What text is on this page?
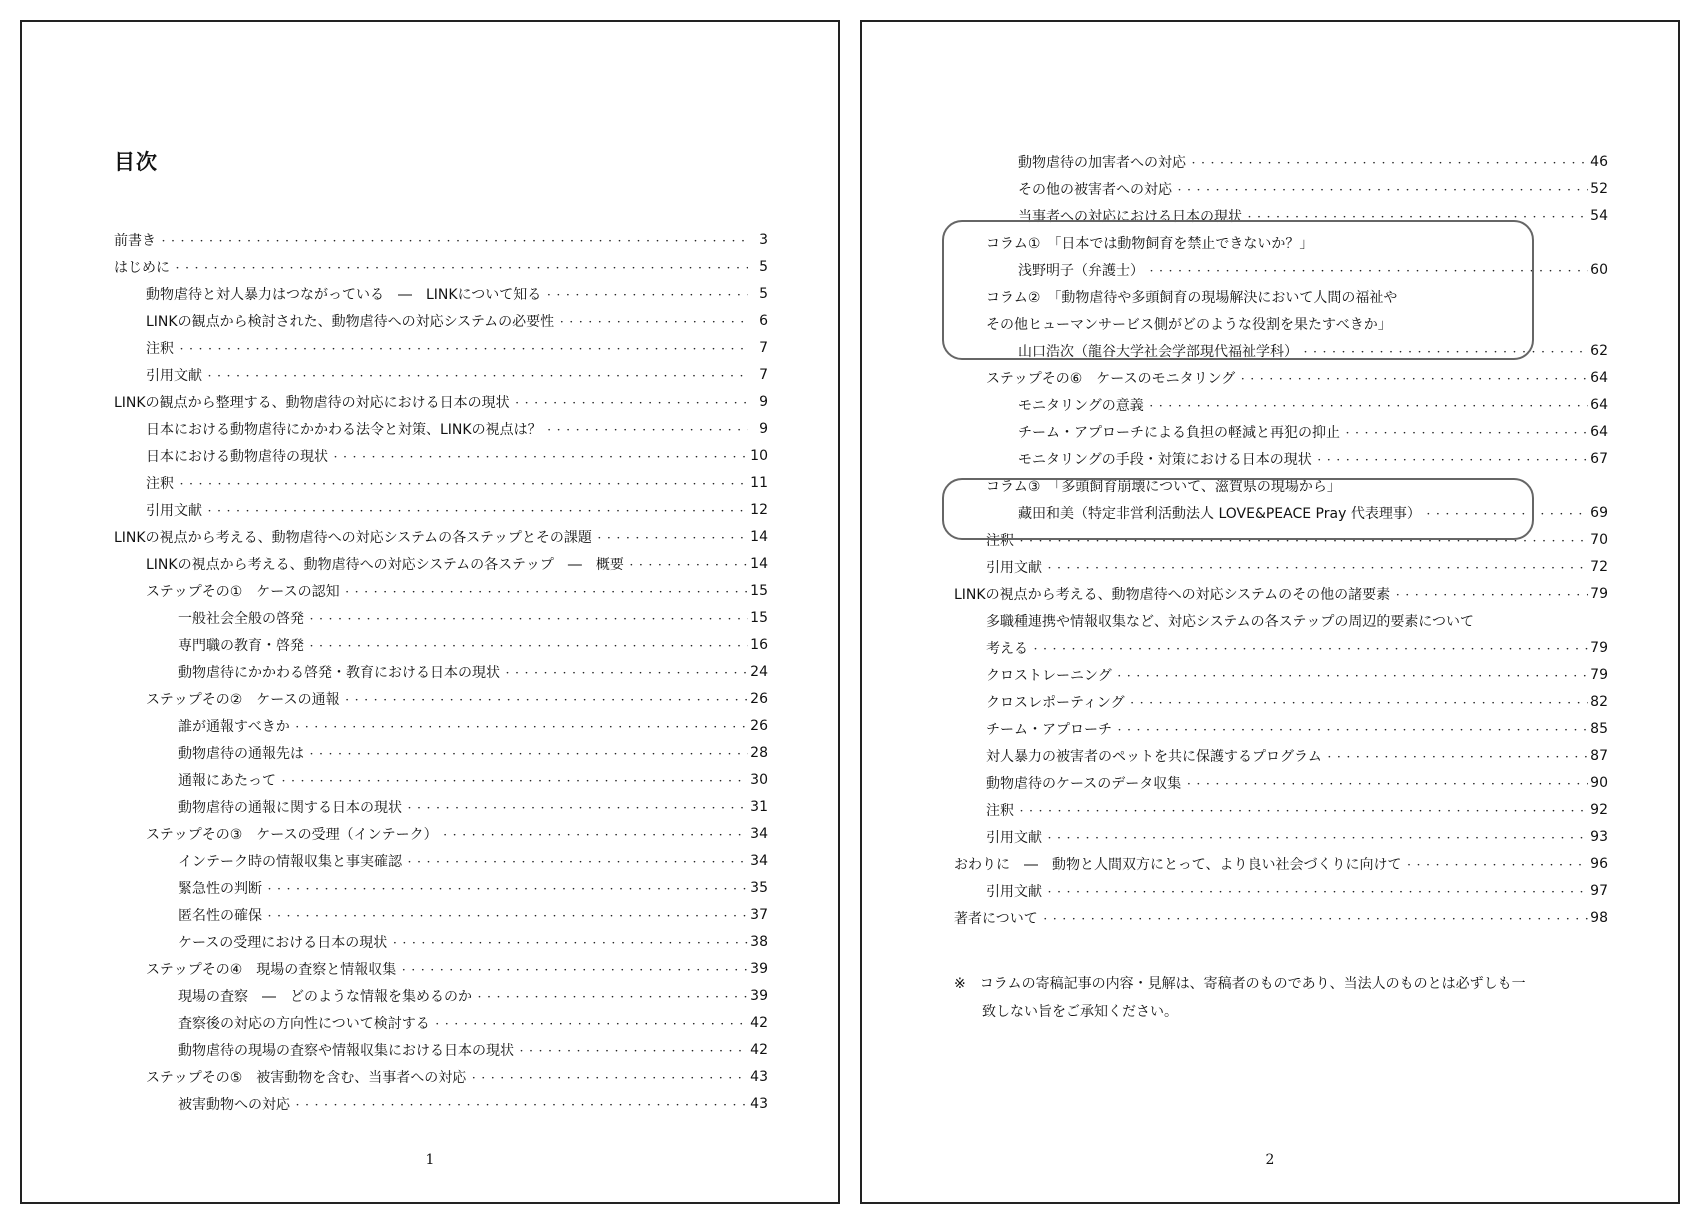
目次
前書き ・・・・・・・・・・・・・・・・・・・・・・・・・・・・・・・・・・・・・・・・・・・・・・・・・・・・・・・・・・・・・・・・・・・・・・・・・・・・・・・・・・・・・・・・・・	3
はじめに ・・・・・・・・・・・・・・・・・・・・・・・・・・・・・・・・・・・・・・・・・・・・・・・・・・・・・・・・・・・・・・・・・・・・・・・・・・・・・・・・・・・・・・・・・・	5
動物虐待と対人暴力はつながっている　―　LINKについて知る ・・・・・・・・・・・・・・・・・・・・・・・・・・・・・・・・・・・・・・・・・・・・・・・・・・・・・・・・・・・・・・・・・・・・・・・・・・・・・・・・・・・・・・・・・・	5
LINKの観点から検討された、動物虐待への対応システムの必要性 ・・・・・・・・・・・・・・・・・・・・・・・・・・・・・・・・・・・・・・・・・・・・・・・・・・・・・・・・・・・・・・・・・・・・・・・・・・・・・・・・・・・・・・・・・・	6
注釈 ・・・・・・・・・・・・・・・・・・・・・・・・・・・・・・・・・・・・・・・・・・・・・・・・・・・・・・・・・・・・・・・・・・・・・・・・・・・・・・・・・・・・・・・・・・	7
引用文献 ・・・・・・・・・・・・・・・・・・・・・・・・・・・・・・・・・・・・・・・・・・・・・・・・・・・・・・・・・・・・・・・・・・・・・・・・・・・・・・・・・・・・・・・・・・	7
LINKの観点から整理する、動物虐待の対応における日本の現状 ・・・・・・・・・・・・・・・・・・・・・・・・・・・・・・・・・・・・・・・・・・・・・・・・・・・・・・・・・・・・・・・・・・・・・・・・・・・・・・・・・・・・・・・・・・	9
日本における動物虐待にかかわる法令と対策、LINKの視点は？ ・・・・・・・・・・・・・・・・・・・・・・・・・・・・・・・・・・・・・・・・・・・・・・・・・・・・・・・・・・・・・・・・・・・・・・・・・・・・・・・・・・・・・・・・・・	9
日本における動物虐待の現状 ・・・・・・・・・・・・・・・・・・・・・・・・・・・・・・・・・・・・・・・・・・・・・・・・・・・・・・・・・・・・・・・・・・・・・・・・・・・・・・・・・・・・・・・・・・	10
注釈 ・・・・・・・・・・・・・・・・・・・・・・・・・・・・・・・・・・・・・・・・・・・・・・・・・・・・・・・・・・・・・・・・・・・・・・・・・・・・・・・・・・・・・・・・・・	11
引用文献 ・・・・・・・・・・・・・・・・・・・・・・・・・・・・・・・・・・・・・・・・・・・・・・・・・・・・・・・・・・・・・・・・・・・・・・・・・・・・・・・・・・・・・・・・・・	12
LINKの視点から考える、動物虐待への対応システムの各ステップとその課題 ・・・・・・・・・・・・・・・・・・・・・・・・・・・・・・・・・・・・・・・・・・・・・・・・・・・・・・・・・・・・・・・・・・・・・・・・・・・・・・・・・・・・・・・・・・	14
LINKの視点から考える、動物虐待への対応システムの各ステップ　―　概要 ・・・・・・・・・・・・・・・・・・・・・・・・・・・・・・・・・・・・・・・・・・・・・・・・・・・・・・・・・・・・・・・・・・・・・・・・・・・・・・・・・・・・・・・・・・	14
ステップその①　ケースの認知 ・・・・・・・・・・・・・・・・・・・・・・・・・・・・・・・・・・・・・・・・・・・・・・・・・・・・・・・・・・・・・・・・・・・・・・・・・・・・・・・・・・・・・・・・・・	15
一般社会全般の啓発 ・・・・・・・・・・・・・・・・・・・・・・・・・・・・・・・・・・・・・・・・・・・・・・・・・・・・・・・・・・・・・・・・・・・・・・・・・・・・・・・・・・・・・・・・・・	15
専門職の教育・啓発 ・・・・・・・・・・・・・・・・・・・・・・・・・・・・・・・・・・・・・・・・・・・・・・・・・・・・・・・・・・・・・・・・・・・・・・・・・・・・・・・・・・・・・・・・・・	16
動物虐待にかかわる啓発・教育における日本の現状 ・・・・・・・・・・・・・・・・・・・・・・・・・・・・・・・・・・・・・・・・・・・・・・・・・・・・・・・・・・・・・・・・・・・・・・・・・・・・・・・・・・・・・・・・・・	24
ステップその②　ケースの通報 ・・・・・・・・・・・・・・・・・・・・・・・・・・・・・・・・・・・・・・・・・・・・・・・・・・・・・・・・・・・・・・・・・・・・・・・・・・・・・・・・・・・・・・・・・・	26
誰が通報すべきか ・・・・・・・・・・・・・・・・・・・・・・・・・・・・・・・・・・・・・・・・・・・・・・・・・・・・・・・・・・・・・・・・・・・・・・・・・・・・・・・・・・・・・・・・・・	26
動物虐待の通報先は ・・・・・・・・・・・・・・・・・・・・・・・・・・・・・・・・・・・・・・・・・・・・・・・・・・・・・・・・・・・・・・・・・・・・・・・・・・・・・・・・・・・・・・・・・・	28
通報にあたって ・・・・・・・・・・・・・・・・・・・・・・・・・・・・・・・・・・・・・・・・・・・・・・・・・・・・・・・・・・・・・・・・・・・・・・・・・・・・・・・・・・・・・・・・・・	30
動物虐待の通報に関する日本の現状 ・・・・・・・・・・・・・・・・・・・・・・・・・・・・・・・・・・・・・・・・・・・・・・・・・・・・・・・・・・・・・・・・・・・・・・・・・・・・・・・・・・・・・・・・・・	31
ステップその③　ケースの受理（インテーク） ・・・・・・・・・・・・・・・・・・・・・・・・・・・・・・・・・・・・・・・・・・・・・・・・・・・・・・・・・・・・・・・・・・・・・・・・・・・・・・・・・・・・・・・・・・	34
インテーク時の情報収集と事実確認 ・・・・・・・・・・・・・・・・・・・・・・・・・・・・・・・・・・・・・・・・・・・・・・・・・・・・・・・・・・・・・・・・・・・・・・・・・・・・・・・・・・・・・・・・・・	34
緊急性の判断 ・・・・・・・・・・・・・・・・・・・・・・・・・・・・・・・・・・・・・・・・・・・・・・・・・・・・・・・・・・・・・・・・・・・・・・・・・・・・・・・・・・・・・・・・・・	35
匿名性の確保 ・・・・・・・・・・・・・・・・・・・・・・・・・・・・・・・・・・・・・・・・・・・・・・・・・・・・・・・・・・・・・・・・・・・・・・・・・・・・・・・・・・・・・・・・・・	37
ケースの受理における日本の現状 ・・・・・・・・・・・・・・・・・・・・・・・・・・・・・・・・・・・・・・・・・・・・・・・・・・・・・・・・・・・・・・・・・・・・・・・・・・・・・・・・・・・・・・・・・・	38
ステップその④　現場の査察と情報収集 ・・・・・・・・・・・・・・・・・・・・・・・・・・・・・・・・・・・・・・・・・・・・・・・・・・・・・・・・・・・・・・・・・・・・・・・・・・・・・・・・・・・・・・・・・・	39
現場の査察　―　どのような情報を集めるのか ・・・・・・・・・・・・・・・・・・・・・・・・・・・・・・・・・・・・・・・・・・・・・・・・・・・・・・・・・・・・・・・・・・・・・・・・・・・・・・・・・・・・・・・・・・	39
査察後の対応の方向性について検討する ・・・・・・・・・・・・・・・・・・・・・・・・・・・・・・・・・・・・・・・・・・・・・・・・・・・・・・・・・・・・・・・・・・・・・・・・・・・・・・・・・・・・・・・・・・	42
動物虐待の現場の査察や情報収集における日本の現状 ・・・・・・・・・・・・・・・・・・・・・・・・・・・・・・・・・・・・・・・・・・・・・・・・・・・・・・・・・・・・・・・・・・・・・・・・・・・・・・・・・・・・・・・・・・	42
ステップその⑤　被害動物を含む、当事者への対応 ・・・・・・・・・・・・・・・・・・・・・・・・・・・・・・・・・・・・・・・・・・・・・・・・・・・・・・・・・・・・・・・・・・・・・・・・・・・・・・・・・・・・・・・・・・	43
被害動物への対応 ・・・・・・・・・・・・・・・・・・・・・・・・・・・・・・・・・・・・・・・・・・・・・・・・・・・・・・・・・・・・・・・・・・・・・・・・・・・・・・・・・・・・・・・・・・	43
1
動物虐待の加害者への対応 ・・・・・・・・・・・・・・・・・・・・・・・・・・・・・・・・・・・・・・・・・・・・・・・・・・・・・・・・・・・・・・・・・・・・・・・・・・・・・・・・・・・・・・・・・・	46
その他の被害者への対応 ・・・・・・・・・・・・・・・・・・・・・・・・・・・・・・・・・・・・・・・・・・・・・・・・・・・・・・・・・・・・・・・・・・・・・・・・・・・・・・・・・・・・・・・・・・	52
当事者への対応における日本の現状 ・・・・・・・・・・・・・・・・・・・・・・・・・・・・・・・・・・・・・・・・・・・・・・・・・・・・・・・・・・・・・・・・・・・・・・・・・・・・・・・・・・・・・・・・・・	54
コラム①　「日本では動物飼育を禁止できないか？」
浅野明子（弁護士） ・・・・・・・・・・・・・・・・・・・・・・・・・・・・・・・・・・・・・・・・・・・・・・・・・・・・・・・・・・・・・・・・・・・・・・・・・・・・・・・・・・・・・・・・・・	60
コラム②　「動物虐待や多頭飼育の現場解決において人間の福祉や
その他ヒューマンサービス側がどのような役割を果たすべきか」
山口浩次（龍谷大学社会学部現代福祉学科） ・・・・・・・・・・・・・・・・・・・・・・・・・・・・・・・・・・・・・・・・・・・・・・・・・・・・・・・・・・・・・・・・・・・・・・・・・・・・・・・・・・・・・・・・・・	62
ステップその⑥　ケースのモニタリング ・・・・・・・・・・・・・・・・・・・・・・・・・・・・・・・・・・・・・・・・・・・・・・・・・・・・・・・・・・・・・・・・・・・・・・・・・・・・・・・・・・・・・・・・・・	64
モニタリングの意義 ・・・・・・・・・・・・・・・・・・・・・・・・・・・・・・・・・・・・・・・・・・・・・・・・・・・・・・・・・・・・・・・・・・・・・・・・・・・・・・・・・・・・・・・・・・	64
チーム・アプローチによる負担の軽減と再犯の抑止 ・・・・・・・・・・・・・・・・・・・・・・・・・・・・・・・・・・・・・・・・・・・・・・・・・・・・・・・・・・・・・・・・・・・・・・・・・・・・・・・・・・・・・・・・・・	64
モニタリングの手段・対策における日本の現状 ・・・・・・・・・・・・・・・・・・・・・・・・・・・・・・・・・・・・・・・・・・・・・・・・・・・・・・・・・・・・・・・・・・・・・・・・・・・・・・・・・・・・・・・・・・	67
コラム③　「多頭飼育崩壊について、滋賀県の現場から」
藏田和美（特定非営利活動法人 LOVE&PEACE Pray 代表理事） ・・・・・・・・・・・・・・・・・・・・・・・・・・・・・・・・・・・・・・・・・・・・・・・・・・・・・・・・・・・・・・・・・・・・・・・・・・・・・・・・・・・・・・・・・・	69
注釈 ・・・・・・・・・・・・・・・・・・・・・・・・・・・・・・・・・・・・・・・・・・・・・・・・・・・・・・・・・・・・・・・・・・・・・・・・・・・・・・・・・・・・・・・・・・	70
引用文献 ・・・・・・・・・・・・・・・・・・・・・・・・・・・・・・・・・・・・・・・・・・・・・・・・・・・・・・・・・・・・・・・・・・・・・・・・・・・・・・・・・・・・・・・・・・	72
LINKの視点から考える、動物虐待への対応システムのその他の諸要素 ・・・・・・・・・・・・・・・・・・・・・・・・・・・・・・・・・・・・・・・・・・・・・・・・・・・・・・・・・・・・・・・・・・・・・・・・・・・・・・・・・・・・・・・・・・	79
多職種連携や情報収集など、対応システムの各ステップの周辺的要素について
考える ・・・・・・・・・・・・・・・・・・・・・・・・・・・・・・・・・・・・・・・・・・・・・・・・・・・・・・・・・・・・・・・・・・・・・・・・・・・・・・・・・・・・・・・・・・	79
クロストレーニング ・・・・・・・・・・・・・・・・・・・・・・・・・・・・・・・・・・・・・・・・・・・・・・・・・・・・・・・・・・・・・・・・・・・・・・・・・・・・・・・・・・・・・・・・・・	79
クロスレポーティング ・・・・・・・・・・・・・・・・・・・・・・・・・・・・・・・・・・・・・・・・・・・・・・・・・・・・・・・・・・・・・・・・・・・・・・・・・・・・・・・・・・・・・・・・・・	82
チーム・アプローチ ・・・・・・・・・・・・・・・・・・・・・・・・・・・・・・・・・・・・・・・・・・・・・・・・・・・・・・・・・・・・・・・・・・・・・・・・・・・・・・・・・・・・・・・・・・	85
対人暴力の被害者のペットを共に保護するプログラム ・・・・・・・・・・・・・・・・・・・・・・・・・・・・・・・・・・・・・・・・・・・・・・・・・・・・・・・・・・・・・・・・・・・・・・・・・・・・・・・・・・・・・・・・・・	87
動物虐待のケースのデータ収集 ・・・・・・・・・・・・・・・・・・・・・・・・・・・・・・・・・・・・・・・・・・・・・・・・・・・・・・・・・・・・・・・・・・・・・・・・・・・・・・・・・・・・・・・・・・	90
注釈 ・・・・・・・・・・・・・・・・・・・・・・・・・・・・・・・・・・・・・・・・・・・・・・・・・・・・・・・・・・・・・・・・・・・・・・・・・・・・・・・・・・・・・・・・・・	92
引用文献 ・・・・・・・・・・・・・・・・・・・・・・・・・・・・・・・・・・・・・・・・・・・・・・・・・・・・・・・・・・・・・・・・・・・・・・・・・・・・・・・・・・・・・・・・・・	93
おわりに　―　動物と人間双方にとって、より良い社会づくりに向けて ・・・・・・・・・・・・・・・・・・・・・・・・・・・・・・・・・・・・・・・・・・・・・・・・・・・・・・・・・・・・・・・・・・・・・・・・・・・・・・・・・・・・・・・・・・	96
引用文献 ・・・・・・・・・・・・・・・・・・・・・・・・・・・・・・・・・・・・・・・・・・・・・・・・・・・・・・・・・・・・・・・・・・・・・・・・・・・・・・・・・・・・・・・・・・	97
著者について ・・・・・・・・・・・・・・・・・・・・・・・・・・・・・・・・・・・・・・・・・・・・・・・・・・・・・・・・・・・・・・・・・・・・・・・・・・・・・・・・・・・・・・・・・・	98
※　コラムの寄稿記事の内容・見解は、寄稿者のものであり、当法人のものとは必ずしも一
致しない旨をご承知ください。
2
